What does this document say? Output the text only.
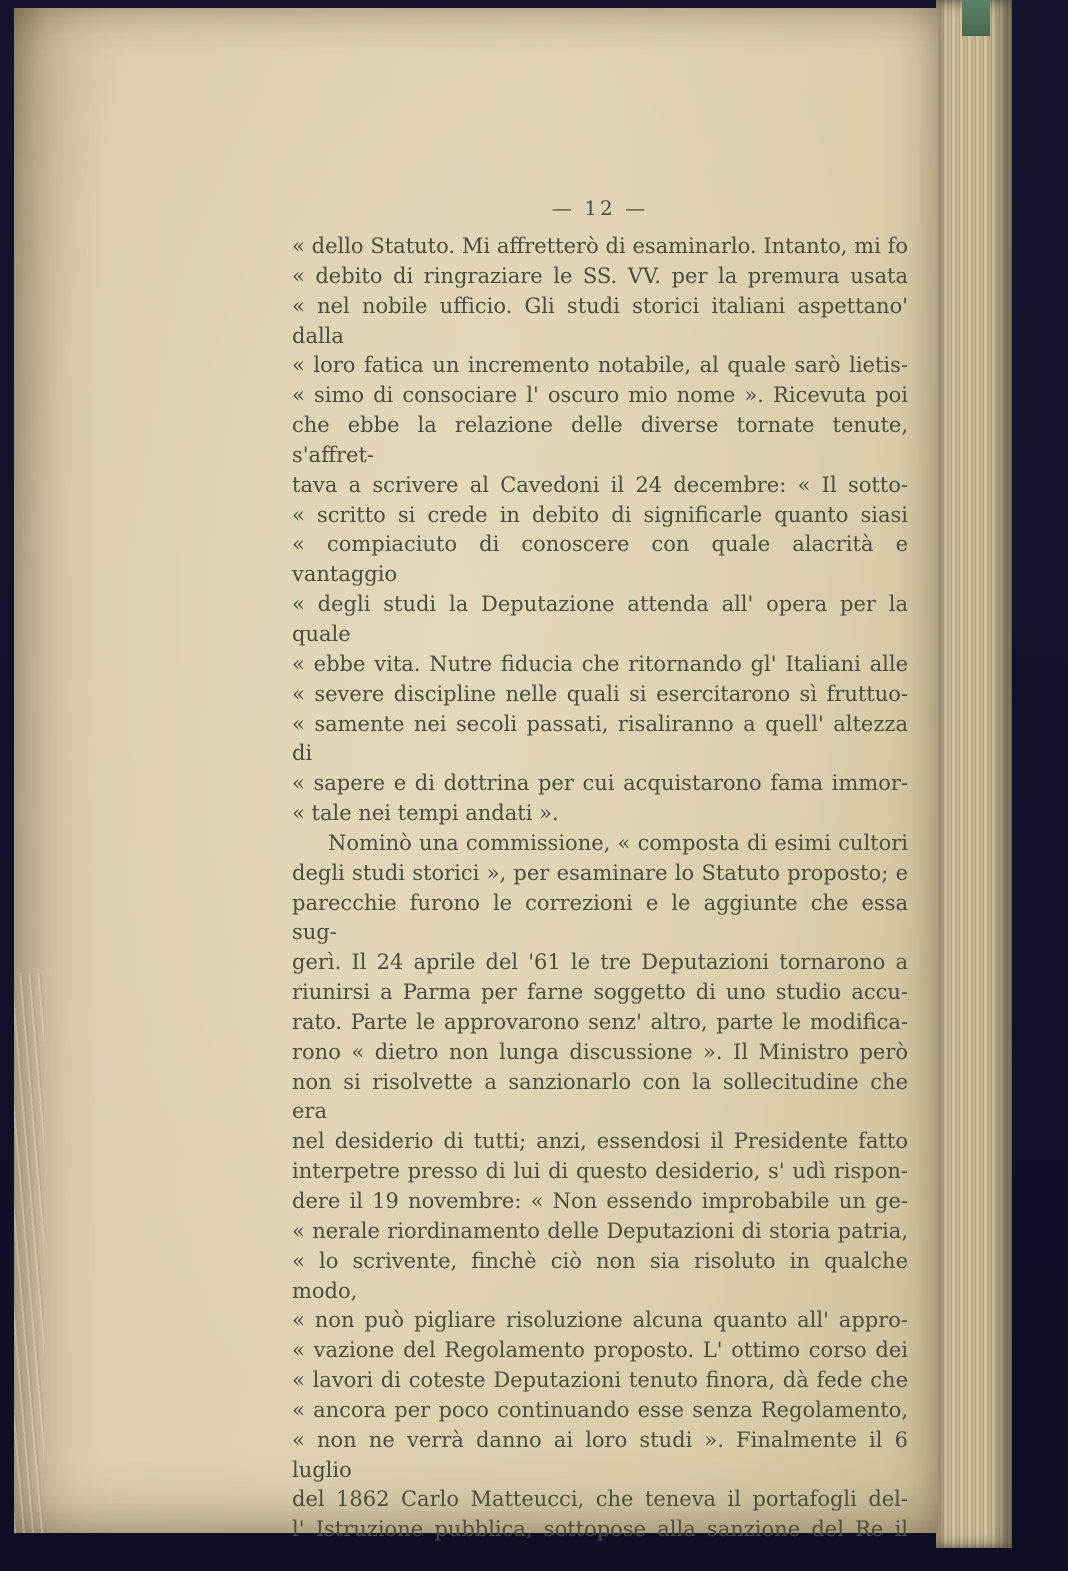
— 12 —
« dello Statuto. Mi affretterò di esaminarlo. Intanto, mi fo
« debito di ringraziare le SS. VV. per la premura usata
« nel nobile ufficio. Gli studi storici italiani aspettano' dalla
« loro fatica un incremento notabile, al quale sarò lietis-
« simo di consociare l' oscuro mio nome ». Ricevuta poi
che ebbe la relazione delle diverse tornate tenute, s'affret-
tava a scrivere al Cavedoni il 24 decembre: « Il sotto-
« scritto si crede in debito di significarle quanto siasi
« compiaciuto di conoscere con quale alacrità e vantaggio
« degli studi la Deputazione attenda all' opera per la quale
« ebbe vita. Nutre fiducia che ritornando gl' Italiani alle
« severe discipline nelle quali si esercitarono sì fruttuo-
« samente nei secoli passati, risaliranno a quell' altezza di
« sapere e di dottrina per cui acquistarono fama immor-
« tale nei tempi andati ».
Nominò una commissione, « composta di esimi cultori
degli studi storici », per esaminare lo Statuto proposto; e
parecchie furono le correzioni e le aggiunte che essa sug-
gerì. Il 24 aprile del '61 le tre Deputazioni tornarono a
riunirsi a Parma per farne soggetto di uno studio accu-
rato. Parte le approvarono senz' altro, parte le modifica-
rono « dietro non lunga discussione ». Il Ministro però
non si risolvette a sanzionarlo con la sollecitudine che era
nel desiderio di tutti; anzi, essendosi il Presidente fatto
interpetre presso di lui di questo desiderio, s' udì rispon-
dere il 19 novembre: « Non essendo improbabile un ge-
« nerale riordinamento delle Deputazioni di storia patria,
« lo scrivente, finchè ciò non sia risoluto in qualche modo,
« non può pigliare risoluzione alcuna quanto all' appro-
« vazione del Regolamento proposto. L' ottimo corso dei
« lavori di coteste Deputazioni tenuto finora, dà fede che
« ancora per poco continuando esse senza Regolamento,
« non ne verrà danno ai loro studi ». Finalmente il 6 luglio
del 1862 Carlo Matteucci, che teneva il portafogli del-
l' Istruzione pubblica, sottopose alla sanzione del Re il
